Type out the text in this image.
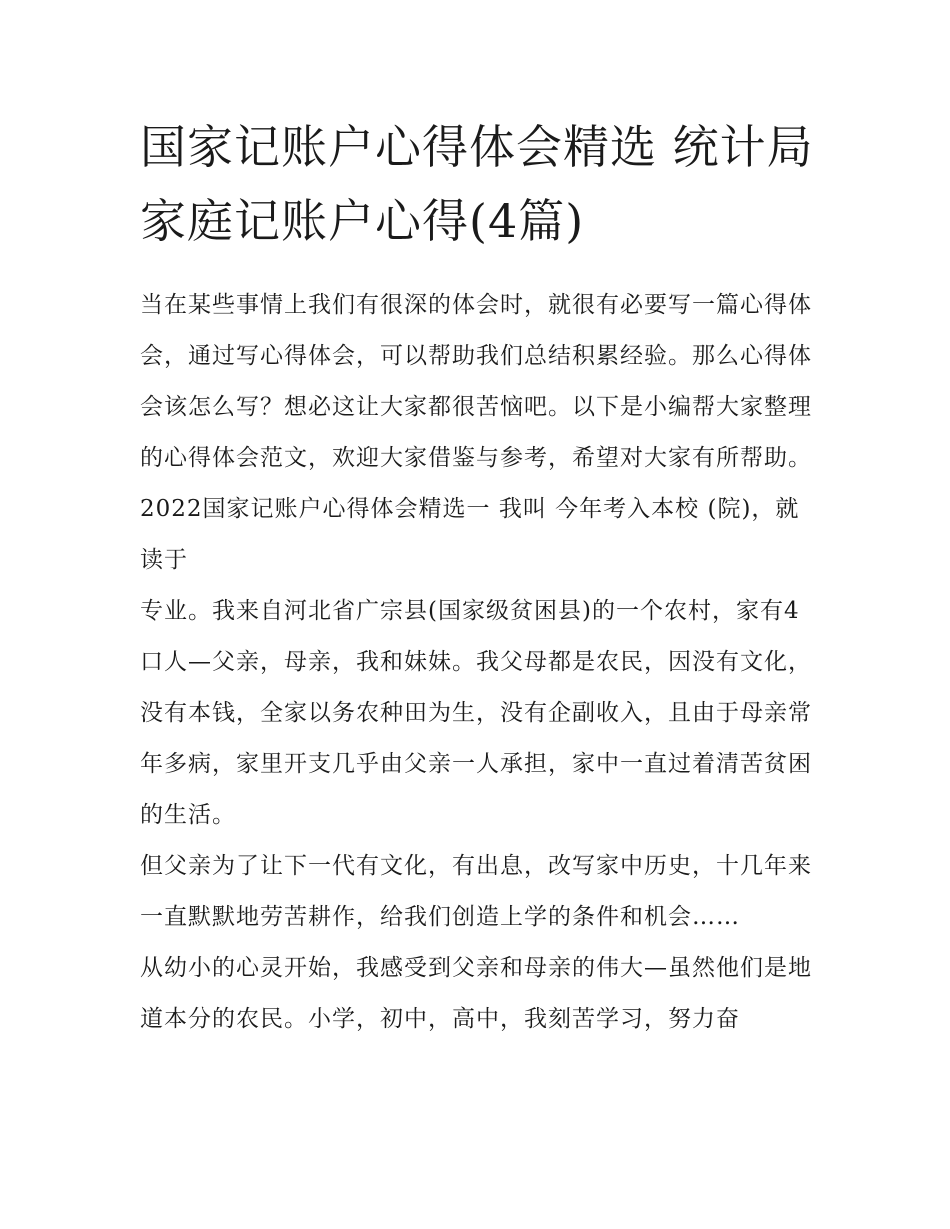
国家记账户心得体会精选 统计局家庭记账户心得(4篇)

当在某些事情上我们有很深的体会时，就很有必要写一篇心得体会，通过写心得体会，可以帮助我们总结积累经验。那么心得体会该怎么写？想必这让大家都很苦恼吧。以下是小编帮大家整理的心得体会范文，欢迎大家借鉴与参考，希望对大家有所帮助。

2022国家记账户心得体会精选一 我叫 今年考入本校 (院)，就读于

专业。我来自河北省广宗县(国家级贫困县)的一个农村，家有4口人—父亲，母亲，我和妹妹。我父母都是农民，因没有文化，没有本钱，全家以务农种田为生，没有企副收入，且由于母亲常年多病，家里开支几乎由父亲一人承担，家中一直过着清苦贫困的生活。

但父亲为了让下一代有文化，有出息，改写家中历史，十几年来一直默默地劳苦耕作，给我们创造上学的条件和机会……

从幼小的心灵开始，我感受到父亲和母亲的伟大—虽然他们是地道本分的农民。小学，初中，高中，我刻苦学习，努力奋
